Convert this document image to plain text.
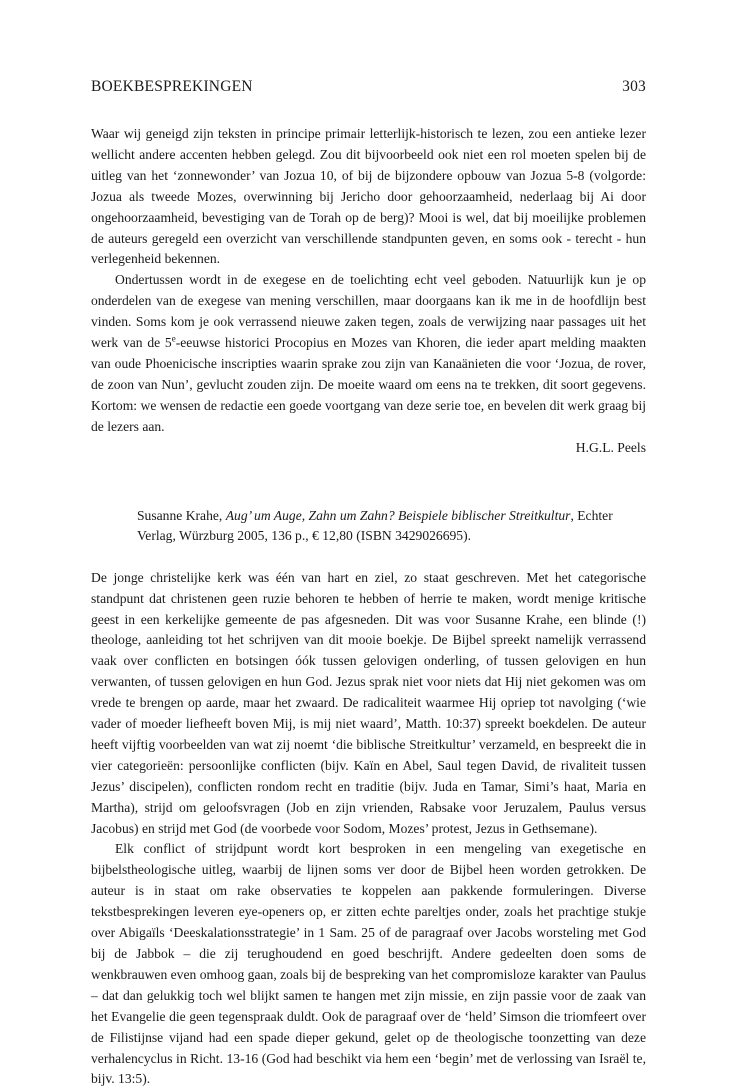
BOEKBESPREKINGEN	303

Waar wij geneigd zijn teksten in principe primair letterlijk-historisch te lezen, zou een antieke lezer wellicht andere accenten hebben gelegd. Zou dit bijvoorbeeld ook niet een rol moeten spelen bij de uitleg van het ‘zonnewonder’ van Jozua 10, of bij de bijzondere opbouw van Jozua 5-8 (volgorde: Jozua als tweede Mozes, overwinning bij Jericho door gehoorzaamheid, nederlaag bij Ai door ongehoorzaamheid, bevestiging van de Torah op de berg)? Mooi is wel, dat bij moeilijke problemen de auteurs geregeld een overzicht van verschillende standpunten geven, en soms ook - terecht - hun verlegenheid bekennen.

Ondertussen wordt in de exegese en de toelichting echt veel geboden. Natuurlijk kun je op onderdelen van de exegese van mening verschillen, maar doorgaans kan ik me in de hoofdlijn best vinden. Soms kom je ook verrassend nieuwe zaken tegen, zoals de verwijzing naar passages uit het werk van de 5e-eeuwse historici Procopius en Mozes van Khoren, die ieder apart melding maakten van oude Phoenicische inscripties waarin sprake zou zijn van Kanaänieten die voor ‘Jozua, de rover, de zoon van Nun’, gevlucht zouden zijn. De moeite waard om eens na te trekken, dit soort gegevens. Kortom: we wensen de redactie een goede voortgang van deze serie toe, en bevelen dit werk graag bij de lezers aan.

H.G.L. Peels
Susanne Krahe, Aug’ um Auge, Zahn um Zahn? Beispiele biblischer Streitkultur, Echter Verlag, Würzburg 2005, 136 p., € 12,80 (ISBN 3429026695).

De jonge christelijke kerk was één van hart en ziel, zo staat geschreven. Met het categorische standpunt dat christenen geen ruzie behoren te hebben of herrie te maken, wordt menige kritische geest in een kerkelijke gemeente de pas afgesneden. Dit was voor Susanne Krahe, een blinde (!) theologe, aanleiding tot het schrijven van dit mooie boekje. De Bijbel spreekt namelijk verrassend vaak over conflicten en botsingen óók tussen gelovigen onderling, of tussen gelovigen en hun verwanten, of tussen gelovigen en hun God. Jezus sprak niet voor niets dat Hij niet gekomen was om vrede te brengen op aarde, maar het zwaard. De radicaliteit waarmee Hij opriep tot navolging (‘wie vader of moeder liefheeft boven Mij, is mij niet waard’, Matth. 10:37) spreekt boekdelen. De auteur heeft vijftig voorbeelden van wat zij noemt ‘die biblische Streitkultur’ verzameld, en bespreekt die in vier categorieën: persoonlijke conflicten (bijv. Kaïn en Abel, Saul tegen David, de rivaliteit tussen Jezus’ discipelen), conflicten rondom recht en traditie (bijv. Juda en Tamar, Simi’s haat, Maria en Martha), strijd om geloofsvragen (Job en zijn vrienden, Rabsake voor Jeruzalem, Paulus versus Jacobus) en strijd met God (de voorbede voor Sodom, Mozes’ protest, Jezus in Gethsemane).

Elk conflict of strijdpunt wordt kort besproken in een mengeling van exegetische en bijbelstheologische uitleg, waarbij de lijnen soms ver door de Bijbel heen worden getrokken. De auteur is in staat om rake observaties te koppelen aan pakkende formuleringen. Diverse tekstbesprekingen leveren eye-openers op, er zitten echte pareltjes onder, zoals het prachtige stukje over Abigaïls ‘Deeskalationsstrategie’ in 1 Sam. 25 of de paragraaf over Jacobs worsteling met God bij de Jabbok – die zij terughoudend en goed beschrijft. Andere gedeelten doen soms de wenkbrauwen even omhoog gaan, zoals bij de bespreking van het compromisloze karakter van Paulus – dat dan gelukkig toch wel blijkt samen te hangen met zijn missie, en zijn passie voor de zaak van het Evangelie die geen tegenspraak duldt. Ook de paragraaf over de ‘held’ Simson die triomfeert over de Filistijnse vijand had een spade dieper gekund, gelet op de theologische toonzetting van deze verhalencyclus in Richt. 13-16 (God had beschikt via hem een ‘begin’ met de verlossing van Israël te, bijv. 13:5).
